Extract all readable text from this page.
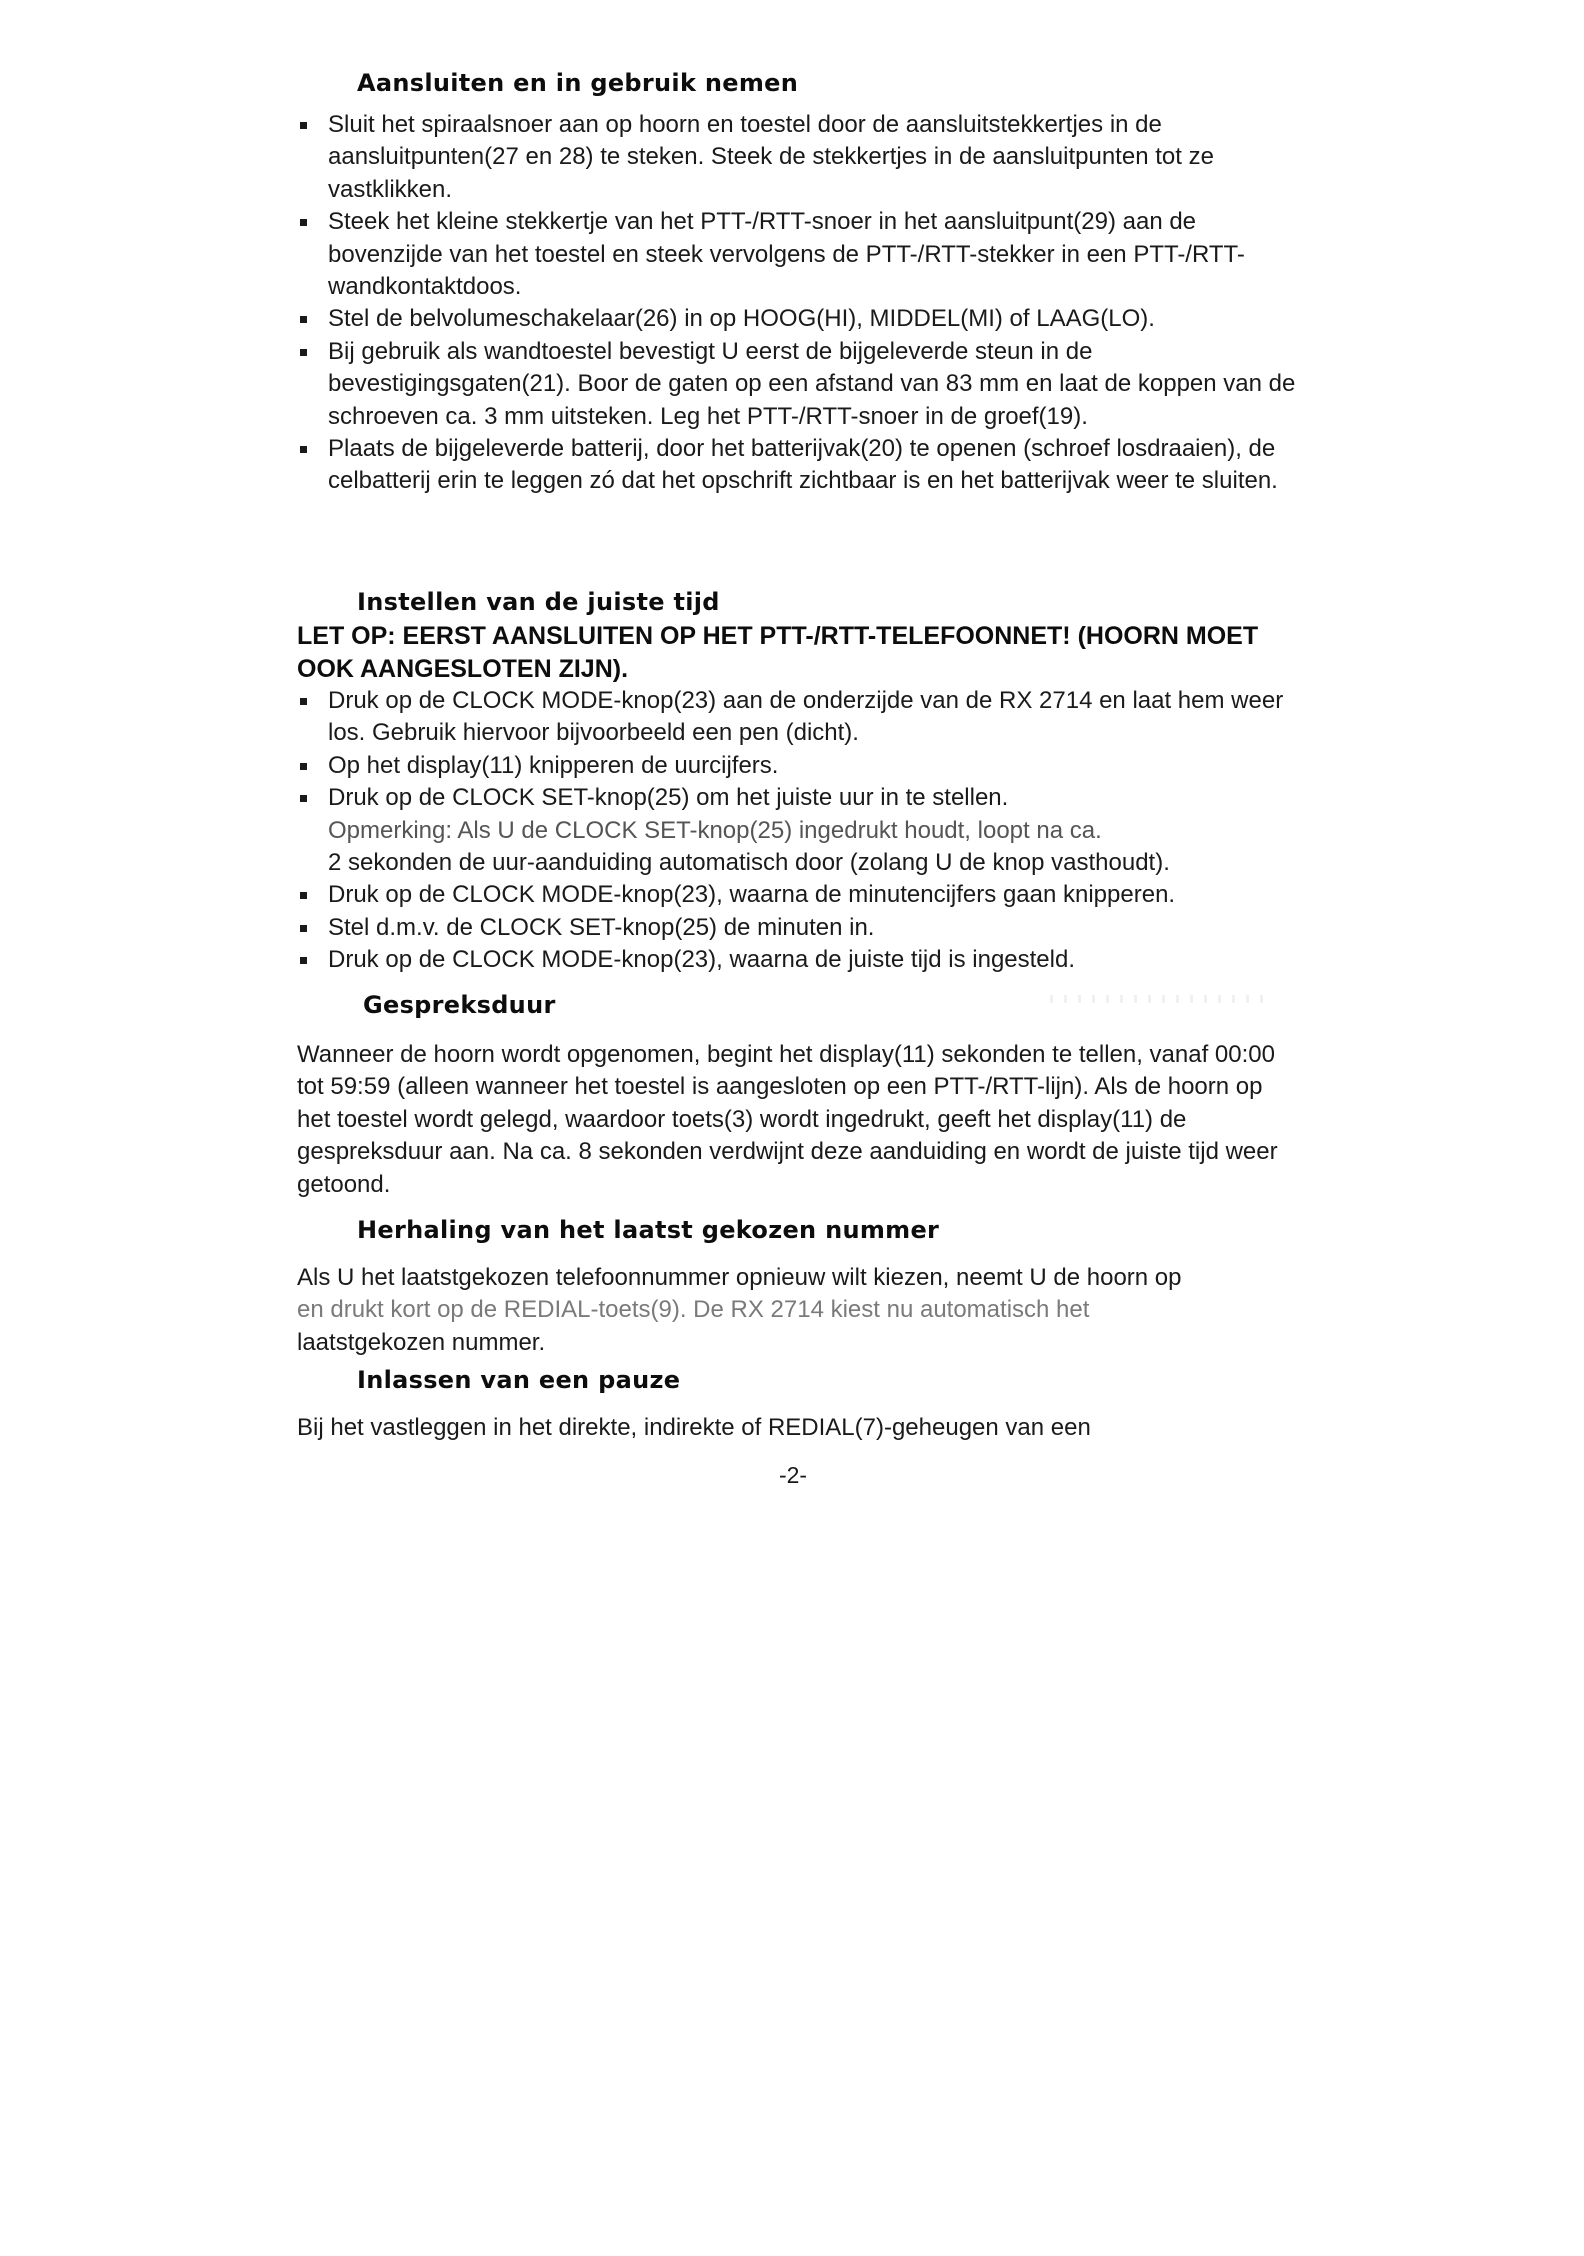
Aansluiten en in gebruik nemen
Sluit het spiraalsnoer aan op hoorn en toestel door de aansluitstekkertjes in de aansluitpunten(27 en 28) te steken. Steek de stekkertjes in de aansluitpunten tot ze vastklikken.
Steek het kleine stekkertje van het PTT-/RTT-snoer in het aansluitpunt(29) aan de bovenzijde van het toestel en steek vervolgens de PTT-/RTT-stekker in een PTT-/RTT-wandkontaktdoos.
Stel de belvolumeschakelaar(26) in op HOOG(HI), MIDDEL(MI) of LAAG(LO).
Bij gebruik als wandtoestel bevestigt U eerst de bijgeleverde steun in de bevestigingsgaten(21). Boor de gaten op een afstand van 83 mm en laat de koppen van de schroeven ca. 3 mm uitsteken. Leg het PTT-/RTT-snoer in de groef(19).
Plaats de bijgeleverde batterij, door het batterijvak(20) te openen (schroef losdraaien), de celbatterij erin te leggen zó dat het opschrift zichtbaar is en het batterijvak weer te sluiten.
Instellen van de juiste tijd
LET OP: EERST AANSLUITEN OP HET PTT-/RTT-TELEFOONNET! (HOORN MOET OOK AANGESLOTEN ZIJN).
Druk op de CLOCK MODE-knop(23) aan de onderzijde van de RX 2714 en laat hem weer los. Gebruik hiervoor bijvoorbeeld een pen (dicht).
Op het display(11) knipperen de uurcijfers.
Druk op de CLOCK SET-knop(25) om het juiste uur in te stellen.
Opmerking: Als U de CLOCK SET-knop(25) ingedrukt houdt, loopt na ca.
2 sekonden de uur-aanduiding automatisch door (zolang U de knop vasthoudt).
Druk op de CLOCK MODE-knop(23), waarna de minutencijfers gaan knipperen.
Stel d.m.v. de CLOCK SET-knop(25) de minuten in.
Druk op de CLOCK MODE-knop(23), waarna de juiste tijd is ingesteld.
Gespreksduur

Wanneer de hoorn wordt opgenomen, begint het display(11) sekonden te tellen, vanaf 00:00 tot 59:59 (alleen wanneer het toestel is aangesloten op een PTT-/RTT-lijn). Als de hoorn op het toestel wordt gelegd, waardoor toets(3) wordt ingedrukt, geeft het display(11) de gespreksduur aan. Na ca. 8 sekonden verdwijnt deze aanduiding en wordt de juiste tijd weer getoond.

Herhaling van het laatst gekozen nummer

Als U het laatstgekozen telefoonnummer opnieuw wilt kiezen, neemt U de hoorn op
en drukt kort op de REDIAL-toets(9). De RX 2714 kiest nu automatisch het
laatstgekozen nummer.

Inlassen van een pauze

Bij het vastleggen in het direkte, indirekte of REDIAL(7)-geheugen van een

-2-
